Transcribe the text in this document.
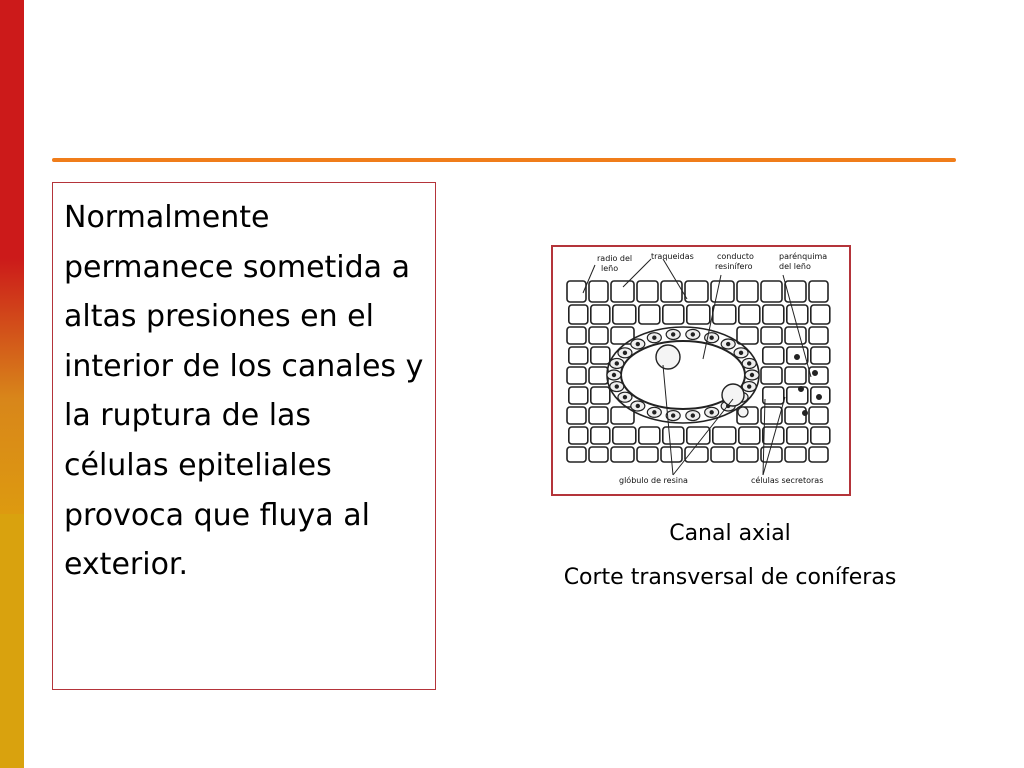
Normalmente permanece sometida a altas presiones en el interior de los canales y la ruptura de las células epiteliales provoca que fluya al exterior.

radio del
leño
traqueidas	conducto
resinífero
parénquima
del leño
glóbulo de resina	células secretoras
Canal axial
Corte transversal de coníferas
